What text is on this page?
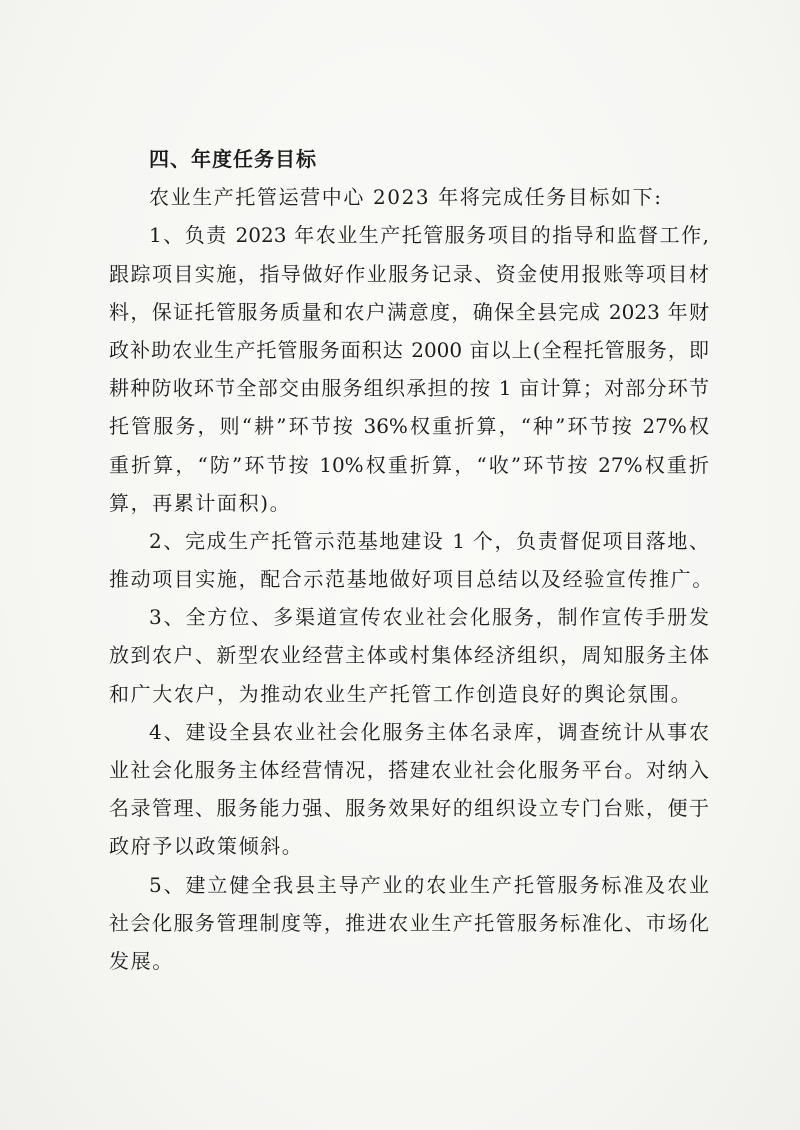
四、年度任务目标
农业生产托管运营中心 2023 年将完成任务目标如下:
1、负责 2023 年农业生产托管服务项目的指导和监督工作,
跟踪项目实施，指导做好作业服务记录、资金使用报账等项目材
料，保证托管服务质量和农户满意度，确保全县完成 2023 年财
政补助农业生产托管服务面积达 2000 亩以上(全程托管服务，即
耕种防收环节全部交由服务组织承担的按 1 亩计算；对部分环节
托管服务，则“耕”环节按 36%权重折算，“种”环节按 27%权
重折算，“防”环节按 10%权重折算，“收”环节按 27%权重折
算，再累计面积)。
2、完成生产托管示范基地建设 1 个，负责督促项目落地、
推动项目实施，配合示范基地做好项目总结以及经验宣传推广。
3、全方位、多渠道宣传农业社会化服务，制作宣传手册发
放到农户、新型农业经营主体或村集体经济组织，周知服务主体
和广大农户，为推动农业生产托管工作创造良好的舆论氛围。
4、建设全县农业社会化服务主体名录库，调查统计从事农
业社会化服务主体经营情况，搭建农业社会化服务平台。对纳入
名录管理、服务能力强、服务效果好的组织设立专门台账，便于
政府予以政策倾斜。
5、建立健全我县主导产业的农业生产托管服务标准及农业
社会化服务管理制度等，推进农业生产托管服务标准化、市场化
发展。
